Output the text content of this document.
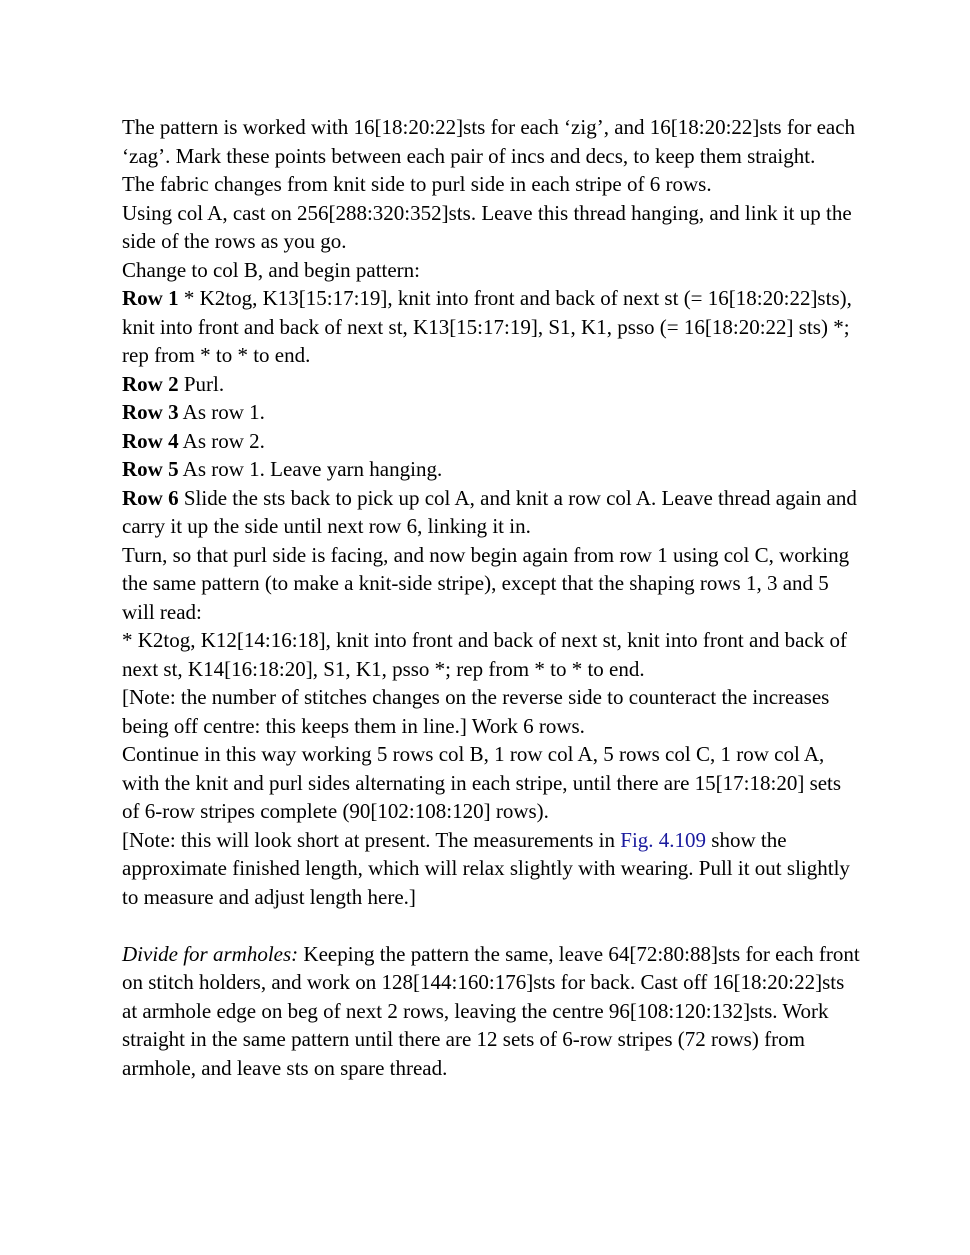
The pattern is worked with 16[18:20:22]sts for each ‘zig’, and 16[18:20:22]sts for each ‘zag’. Mark these points between each pair of incs and decs, to keep them straight.

The fabric changes from knit side to purl side in each stripe of 6 rows.

Using col A, cast on 256[288:320:352]sts. Leave this thread hanging, and link it up the side of the rows as you go.

Change to col B, and begin pattern:

Row 1 * K2tog, K13[15:17:19], knit into front and back of next st (= 16[18:20:22]sts), knit into front and back of next st, K13[15:17:19], S1, K1, psso (= 16[18:20:22] sts) *; rep from * to * to end.

Row 2 Purl.

Row 3 As row 1.

Row 4 As row 2.

Row 5 As row 1. Leave yarn hanging.

Row 6 Slide the sts back to pick up col A, and knit a row col A. Leave thread again and carry it up the side until next row 6, linking it in.

Turn, so that purl side is facing, and now begin again from row 1 using col C, working the same pattern (to make a knit-side stripe), except that the shaping rows 1, 3 and 5 will read:

* K2tog, K12[14:16:18], knit into front and back of next st, knit into front and back of next st, K14[16:18:20], S1, K1, psso *; rep from * to * to end.

[Note: the number of stitches changes on the reverse side to counteract the increases being off centre: this keeps them in line.] Work 6 rows.

Continue in this way working 5 rows col B, 1 row col A, 5 rows col C, 1 row col A, with the knit and purl sides alternating in each stripe, until there are 15[17:18:20] sets of 6-row stripes complete (90[102:108:120] rows).

[Note: this will look short at present. The measurements in Fig. 4.109 show the approximate finished length, which will relax slightly with wearing. Pull it out slightly to measure and adjust length here.]

Divide for armholes: Keeping the pattern the same, leave 64[72:80:88]sts for each front on stitch holders, and work on 128[144:160:176]sts for back. Cast off 16[18:20:22]sts at armhole edge on beg of next 2 rows, leaving the centre 96[108:120:132]sts. Work straight in the same pattern until there are 12 sets of 6-row stripes (72 rows) from armhole, and leave sts on spare thread.
